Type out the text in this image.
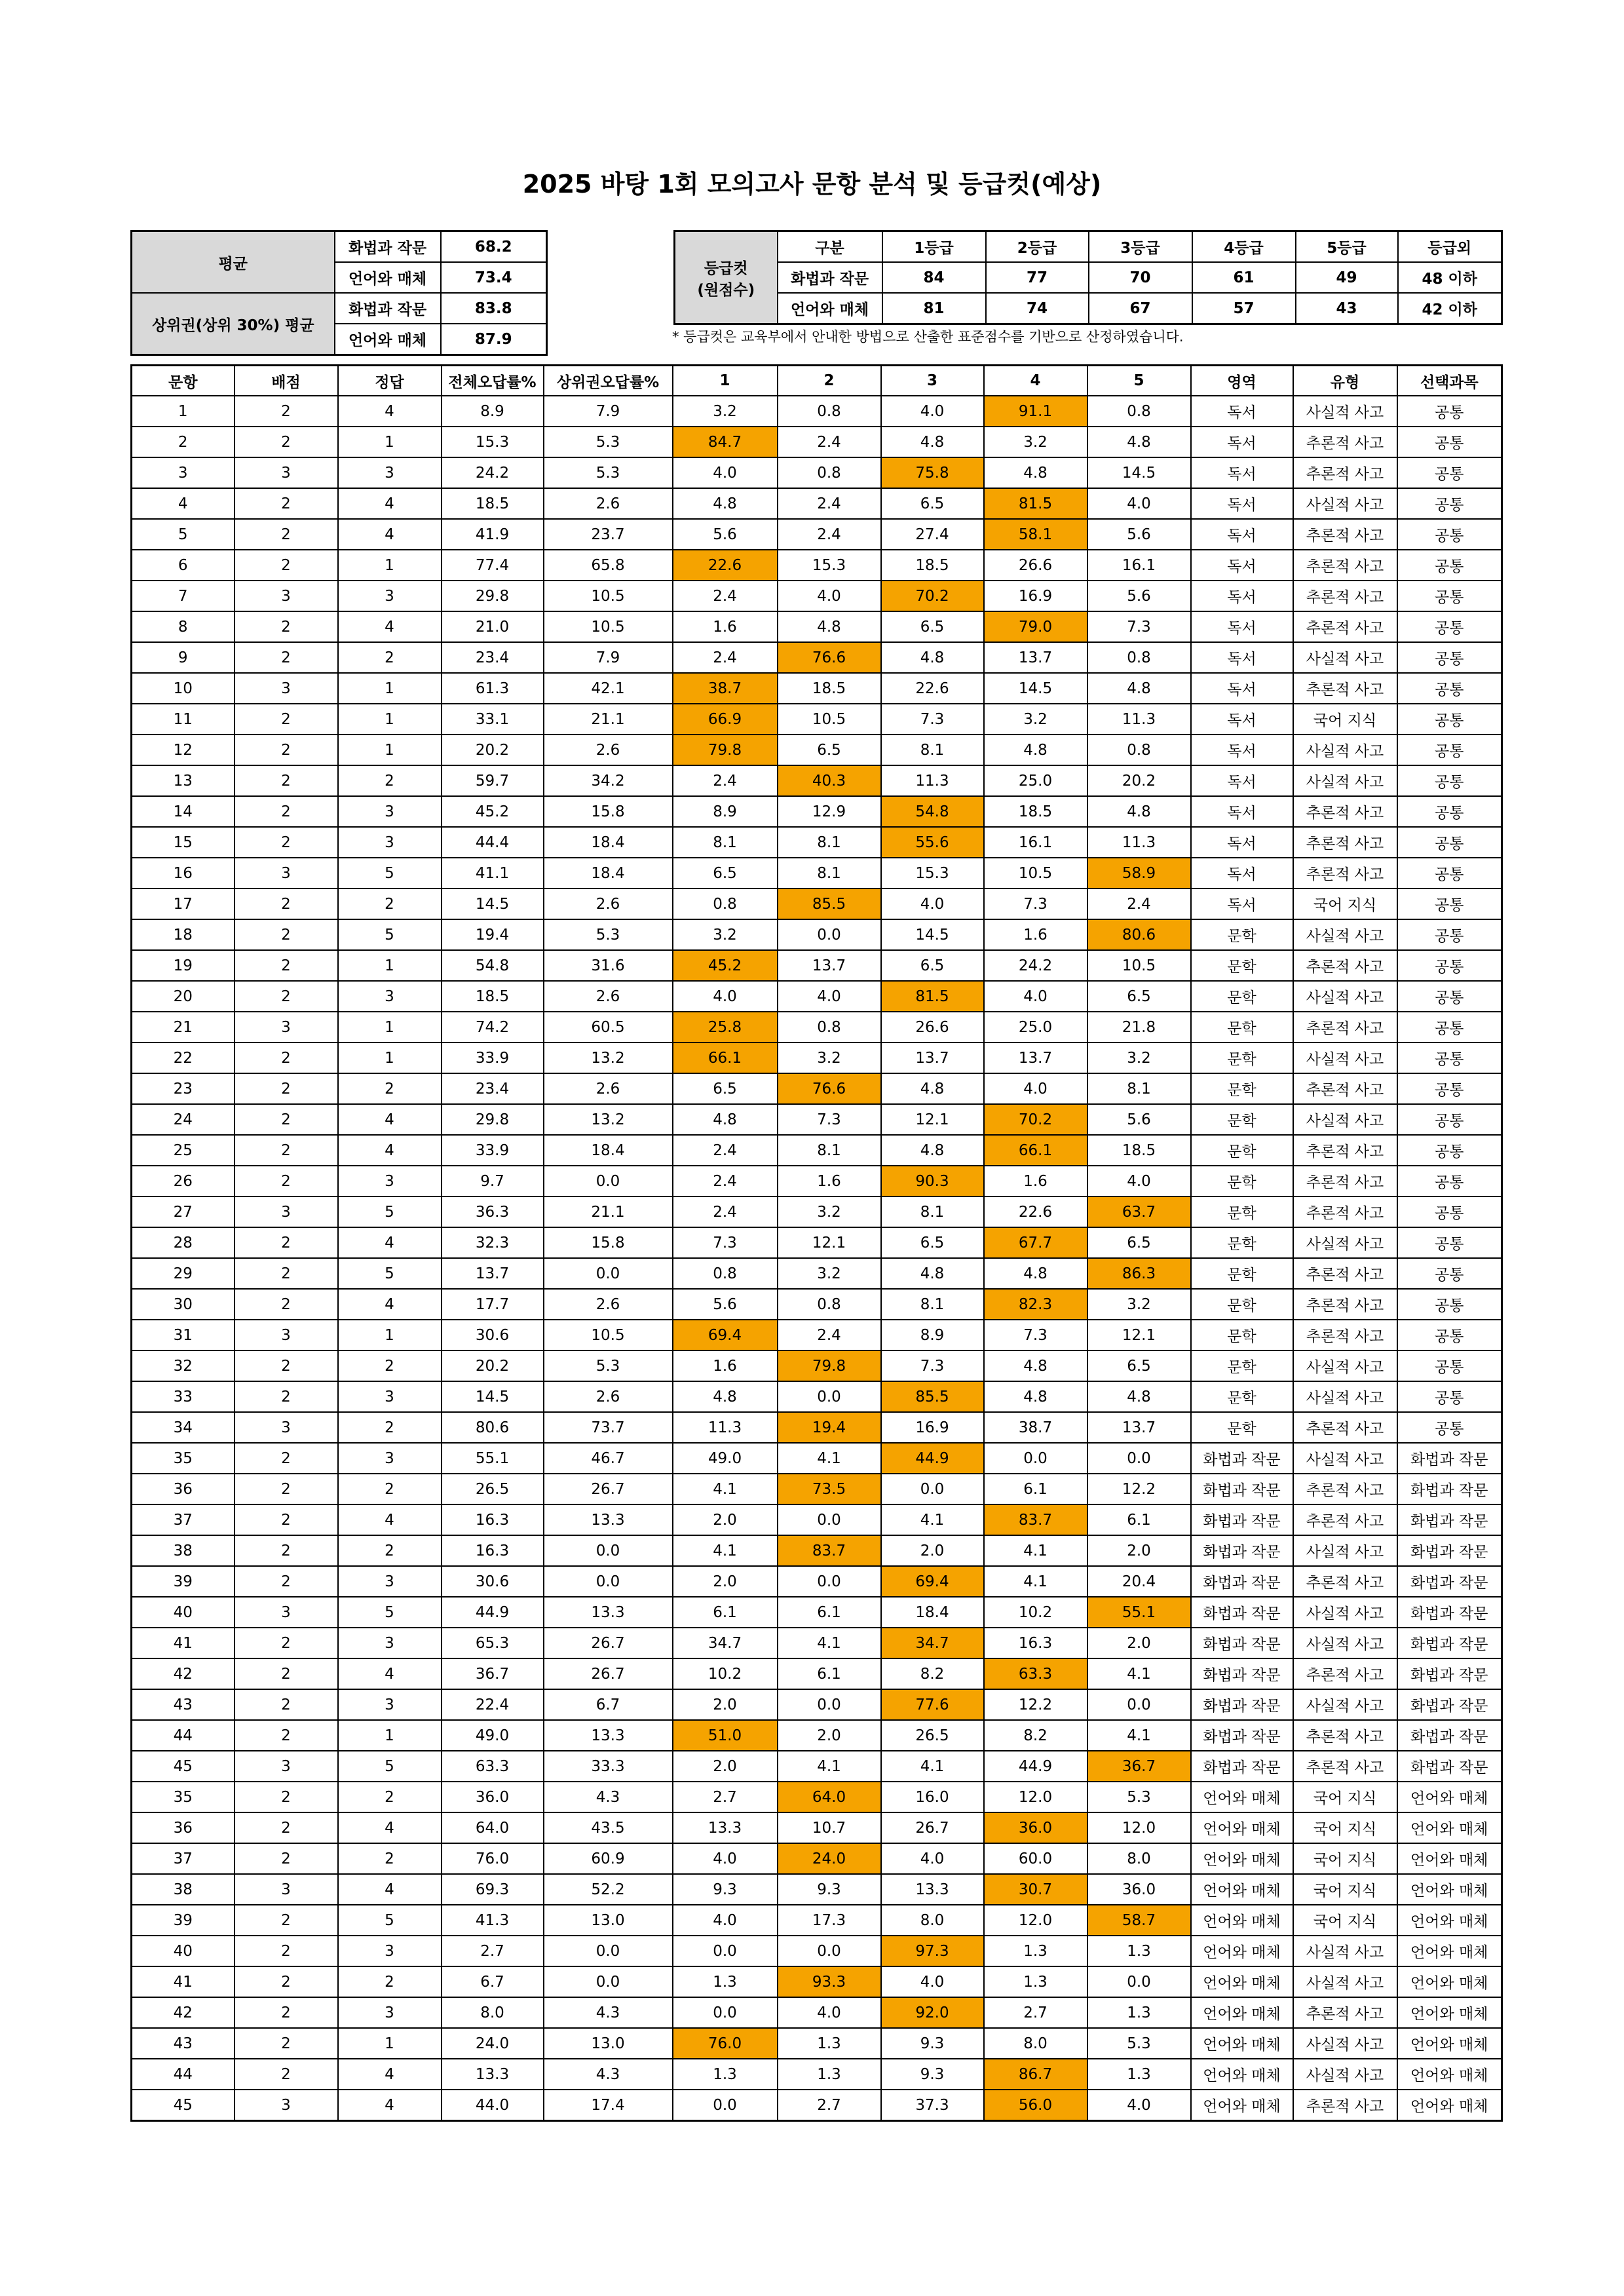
2025 바탕 1회 모의고사 문항 분석 및 등급컷(예상)
평균	화법과 작문	68.2
	언어와 매체	73.4
상위권(상위 30%) 평균	화법과 작문	83.8
	언어와 매체	87.9
등급컷
(원점수)	구분	1등급	2등급	3등급	4등급	5등급	등급외
	화법과 작문	84	77	70	61	49	48 이하
	언어와 매체	81	74	67	57	43	42 이하
* 등급컷은 교육부에서 안내한 방법으로 산출한 표준점수를 기반으로 산정하였습니다.
문항	배점	정답	전체오답률%	상위권오답률%	1	2	3	4	5	영역	유형	선택과목
1	2	4	8.9	7.9	3.2	0.8	4.0	91.1	0.8	독서	사실적 사고	공통
2	2	1	15.3	5.3	84.7	2.4	4.8	3.2	4.8	독서	추론적 사고	공통
3	3	3	24.2	5.3	4.0	0.8	75.8	4.8	14.5	독서	추론적 사고	공통
4	2	4	18.5	2.6	4.8	2.4	6.5	81.5	4.0	독서	사실적 사고	공통
5	2	4	41.9	23.7	5.6	2.4	27.4	58.1	5.6	독서	추론적 사고	공통
6	2	1	77.4	65.8	22.6	15.3	18.5	26.6	16.1	독서	추론적 사고	공통
7	3	3	29.8	10.5	2.4	4.0	70.2	16.9	5.6	독서	추론적 사고	공통
8	2	4	21.0	10.5	1.6	4.8	6.5	79.0	7.3	독서	추론적 사고	공통
9	2	2	23.4	7.9	2.4	76.6	4.8	13.7	0.8	독서	사실적 사고	공통
10	3	1	61.3	42.1	38.7	18.5	22.6	14.5	4.8	독서	추론적 사고	공통
11	2	1	33.1	21.1	66.9	10.5	7.3	3.2	11.3	독서	국어 지식	공통
12	2	1	20.2	2.6	79.8	6.5	8.1	4.8	0.8	독서	사실적 사고	공통
13	2	2	59.7	34.2	2.4	40.3	11.3	25.0	20.2	독서	사실적 사고	공통
14	2	3	45.2	15.8	8.9	12.9	54.8	18.5	4.8	독서	추론적 사고	공통
15	2	3	44.4	18.4	8.1	8.1	55.6	16.1	11.3	독서	추론적 사고	공통
16	3	5	41.1	18.4	6.5	8.1	15.3	10.5	58.9	독서	추론적 사고	공통
17	2	2	14.5	2.6	0.8	85.5	4.0	7.3	2.4	독서	국어 지식	공통
18	2	5	19.4	5.3	3.2	0.0	14.5	1.6	80.6	문학	사실적 사고	공통
19	2	1	54.8	31.6	45.2	13.7	6.5	24.2	10.5	문학	추론적 사고	공통
20	2	3	18.5	2.6	4.0	4.0	81.5	4.0	6.5	문학	사실적 사고	공통
21	3	1	74.2	60.5	25.8	0.8	26.6	25.0	21.8	문학	추론적 사고	공통
22	2	1	33.9	13.2	66.1	3.2	13.7	13.7	3.2	문학	사실적 사고	공통
23	2	2	23.4	2.6	6.5	76.6	4.8	4.0	8.1	문학	추론적 사고	공통
24	2	4	29.8	13.2	4.8	7.3	12.1	70.2	5.6	문학	사실적 사고	공통
25	2	4	33.9	18.4	2.4	8.1	4.8	66.1	18.5	문학	추론적 사고	공통
26	2	3	9.7	0.0	2.4	1.6	90.3	1.6	4.0	문학	추론적 사고	공통
27	3	5	36.3	21.1	2.4	3.2	8.1	22.6	63.7	문학	추론적 사고	공통
28	2	4	32.3	15.8	7.3	12.1	6.5	67.7	6.5	문학	사실적 사고	공통
29	2	5	13.7	0.0	0.8	3.2	4.8	4.8	86.3	문학	추론적 사고	공통
30	2	4	17.7	2.6	5.6	0.8	8.1	82.3	3.2	문학	추론적 사고	공통
31	3	1	30.6	10.5	69.4	2.4	8.9	7.3	12.1	문학	추론적 사고	공통
32	2	2	20.2	5.3	1.6	79.8	7.3	4.8	6.5	문학	사실적 사고	공통
33	2	3	14.5	2.6	4.8	0.0	85.5	4.8	4.8	문학	사실적 사고	공통
34	3	2	80.6	73.7	11.3	19.4	16.9	38.7	13.7	문학	추론적 사고	공통
35	2	3	55.1	46.7	49.0	4.1	44.9	0.0	0.0	화법과 작문	사실적 사고	화법과 작문
36	2	2	26.5	26.7	4.1	73.5	0.0	6.1	12.2	화법과 작문	추론적 사고	화법과 작문
37	2	4	16.3	13.3	2.0	0.0	4.1	83.7	6.1	화법과 작문	추론적 사고	화법과 작문
38	2	2	16.3	0.0	4.1	83.7	2.0	4.1	2.0	화법과 작문	사실적 사고	화법과 작문
39	2	3	30.6	0.0	2.0	0.0	69.4	4.1	20.4	화법과 작문	추론적 사고	화법과 작문
40	3	5	44.9	13.3	6.1	6.1	18.4	10.2	55.1	화법과 작문	사실적 사고	화법과 작문
41	2	3	65.3	26.7	34.7	4.1	34.7	16.3	2.0	화법과 작문	사실적 사고	화법과 작문
42	2	4	36.7	26.7	10.2	6.1	8.2	63.3	4.1	화법과 작문	추론적 사고	화법과 작문
43	2	3	22.4	6.7	2.0	0.0	77.6	12.2	0.0	화법과 작문	사실적 사고	화법과 작문
44	2	1	49.0	13.3	51.0	2.0	26.5	8.2	4.1	화법과 작문	추론적 사고	화법과 작문
45	3	5	63.3	33.3	2.0	4.1	4.1	44.9	36.7	화법과 작문	추론적 사고	화법과 작문
35	2	2	36.0	4.3	2.7	64.0	16.0	12.0	5.3	언어와 매체	국어 지식	언어와 매체
36	2	4	64.0	43.5	13.3	10.7	26.7	36.0	12.0	언어와 매체	국어 지식	언어와 매체
37	2	2	76.0	60.9	4.0	24.0	4.0	60.0	8.0	언어와 매체	국어 지식	언어와 매체
38	3	4	69.3	52.2	9.3	9.3	13.3	30.7	36.0	언어와 매체	국어 지식	언어와 매체
39	2	5	41.3	13.0	4.0	17.3	8.0	12.0	58.7	언어와 매체	국어 지식	언어와 매체
40	2	3	2.7	0.0	0.0	0.0	97.3	1.3	1.3	언어와 매체	사실적 사고	언어와 매체
41	2	2	6.7	0.0	1.3	93.3	4.0	1.3	0.0	언어와 매체	사실적 사고	언어와 매체
42	2	3	8.0	4.3	0.0	4.0	92.0	2.7	1.3	언어와 매체	추론적 사고	언어와 매체
43	2	1	24.0	13.0	76.0	1.3	9.3	8.0	5.3	언어와 매체	사실적 사고	언어와 매체
44	2	4	13.3	4.3	1.3	1.3	9.3	86.7	1.3	언어와 매체	사실적 사고	언어와 매체
45	3	4	44.0	17.4	0.0	2.7	37.3	56.0	4.0	언어와 매체	추론적 사고	언어와 매체
